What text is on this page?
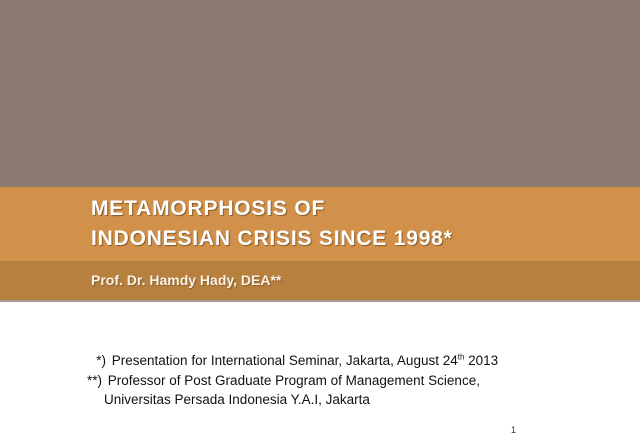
METAMORPHOSIS OF
INDONESIAN CRISIS SINCE 1998*

Prof. Dr. Hamdy Hady, DEA**

*) Presentation for International Seminar, Jakarta, August 24th 2013
**) Professor of Post Graduate Program of Management Science,
Universitas Persada Indonesia Y.A.I, Jakarta
1
